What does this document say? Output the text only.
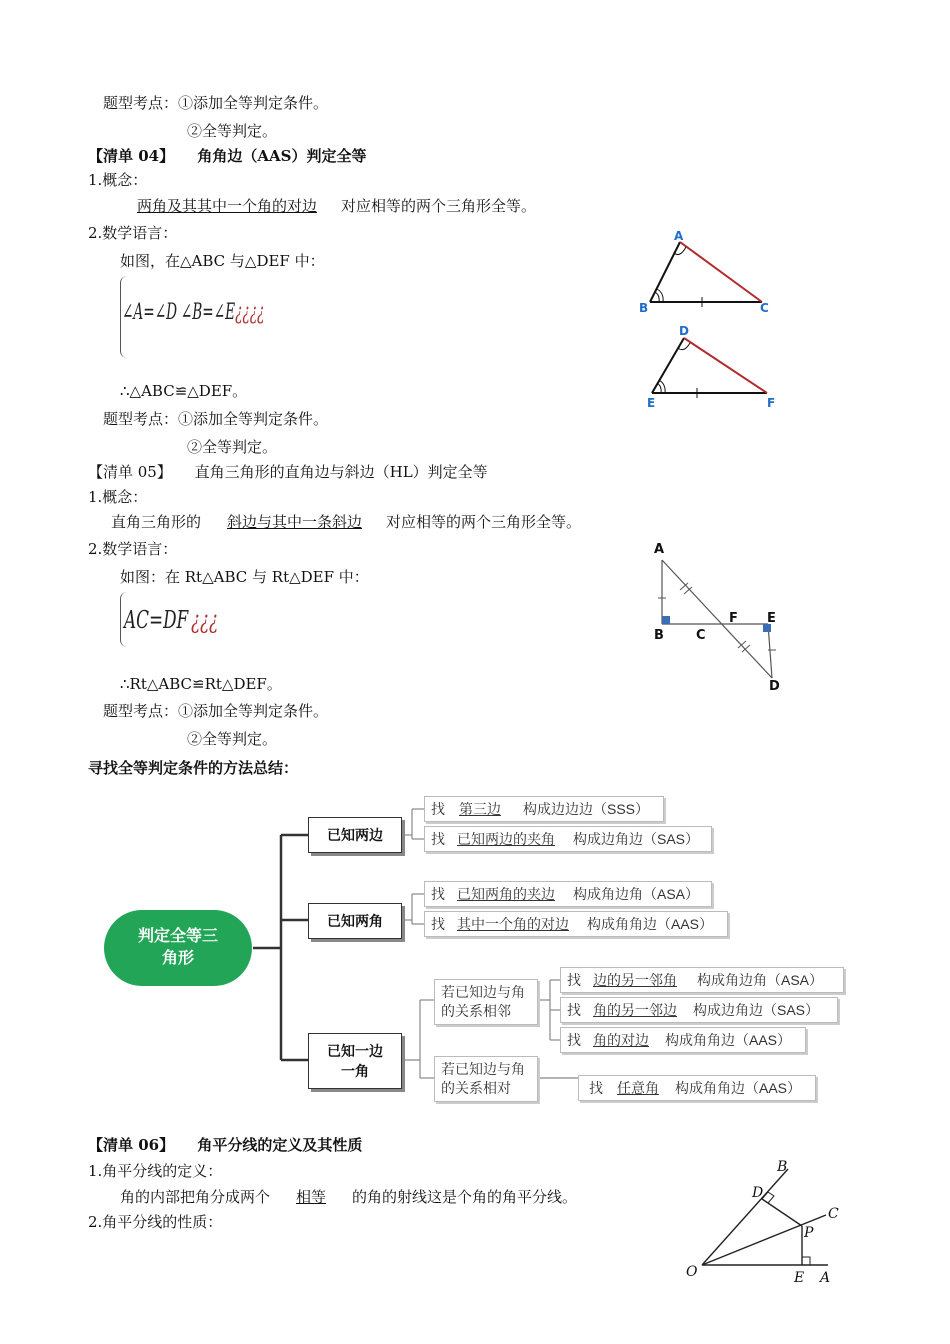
题型考点：①添加全等判定条件。
②全等判定。
【清单 04】 角角边（AAS）判定全等
1.概念：
两角及其其中一个角的对边 对应相等的两个三角形全等。
2.数学语言：
如图，在△ABC 与△DEF 中：
∠A=∠D ∠B=∠E¿¿¿¿
∴△ABC≌△DEF。
题型考点：①添加全等判定条件。
②全等判定。
A
B	C
D
E	F
【清单 05】 直角三角形的直角边与斜边（HL）判定全等
1.概念：
直角三角形的 斜边与其中一条斜边 对应相等的两个三角形全等。
2.数学语言：
如图：在 Rt△ABC 与 Rt△DEF 中：
AC=DF ¿¿¿
∴Rt△ABC≌Rt△DEF。
题型考点：①添加全等判定条件。
②全等判定。
A
B C
F E
D
寻找全等判定条件的方法总结：
判定全等三角形
已知两边
已知两角
已知一边一角
找	第三边	构成边边边（SSS）
找 已知两边的夹角	构成边角边（SAS）
找 已知两角的夹边	构成角边角（ASA）
找 其中一个角的对边	构成角角边（AAS）
若已知边与角的关系相邻
若已知边与角的关系相对
找 边的另一邻角	构成角边角（ASA）
找 角的另一邻边	构成边角边（SAS）
找 角的对边	构成角角边（AAS）
找	任意角	构成角角边（AAS）
【清单 06】 角平分线的定义及其性质
1.角平分线的定义：
角的内部把角分成两个 相等 的角的射线这是个角的角平分线。
2.角平分线的性质：
B
D
C
P
O	E A
